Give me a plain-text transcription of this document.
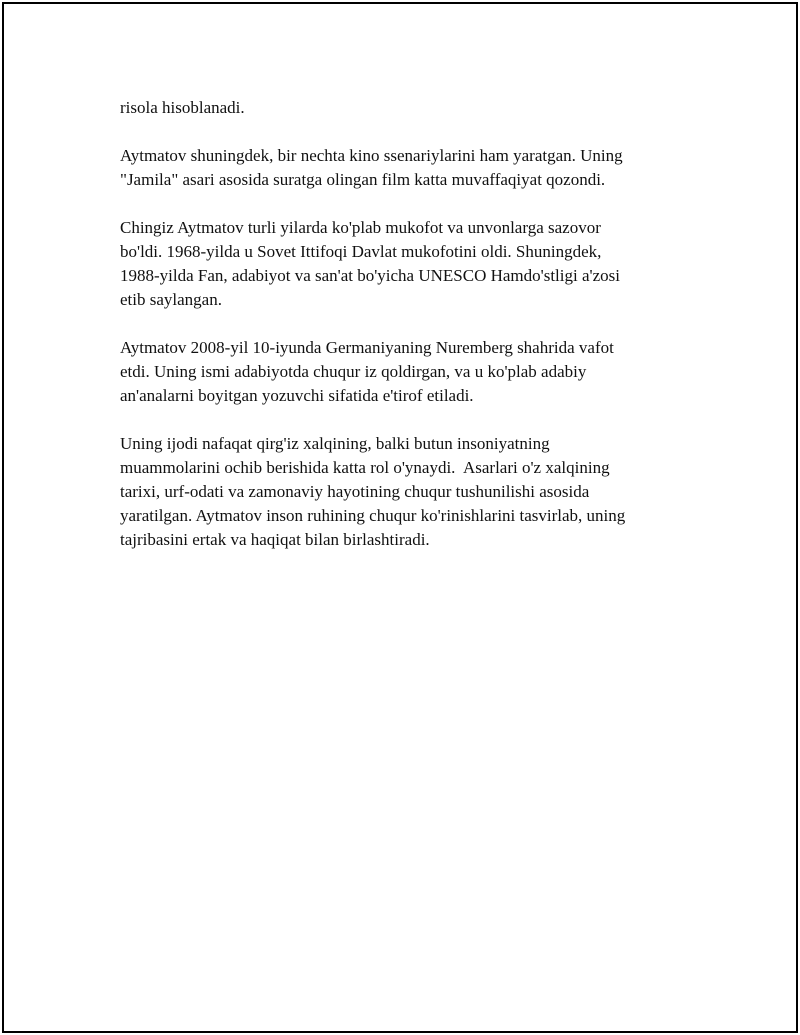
risola hisoblanadi.

Aytmatov shuningdek, bir nechta kino ssenariylarini ham yaratgan. Uning
"Jamila" asari asosida suratga olingan film katta muvaffaqiyat qozondi.

Chingiz Aytmatov turli yilarda ko'plab mukofot va unvonlarga sazovor
bo'ldi. 1968-yilda u Sovet Ittifoqi Davlat mukofotini oldi. Shuningdek,
1988-yilda Fan, adabiyot va san'at bo'yicha UNESCO Hamdo'stligi a'zosi
etib saylangan.

Aytmatov 2008-yil 10-iyunda Germaniyaning Nuremberg shahrida vafot
etdi. Uning ismi adabiyotda chuqur iz qoldirgan, va u ko'plab adabiy
an'analarni boyitgan yozuvchi sifatida e'tirof etiladi.

Uning ijodi nafaqat qirg'iz xalqining, balki butun insoniyatning
muammolarini ochib berishida katta rol o'ynaydi.  Asarlari o'z xalqining
tarixi, urf-odati va zamonaviy hayotining chuqur tushunilishi asosida
yaratilgan. Aytmatov inson ruhining chuqur ko'rinishlarini tasvirlab, uning
tajribasini ertak va haqiqat bilan birlashtiradi.
